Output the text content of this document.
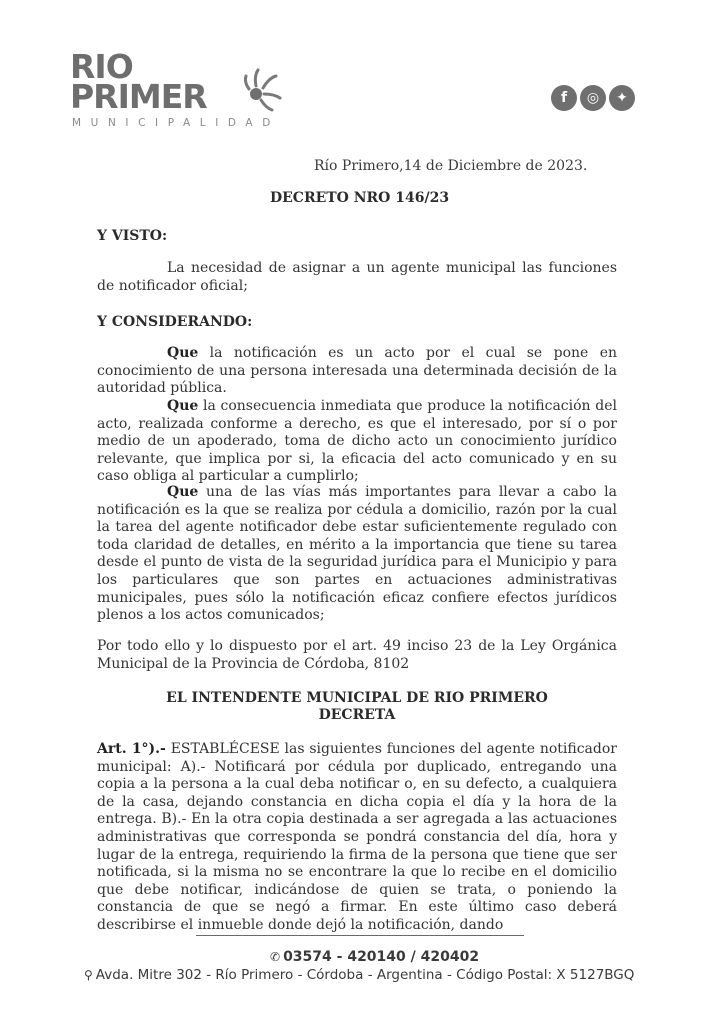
RIO
PRIMER
MUNICIPALIDAD
f	◎	✦
Río Primero,14 de Diciembre de 2023.
DECRETO NRO 146/23
Y VISTO:
La necesidad de asignar a un agente municipal las funciones de notificador oficial;
Y CONSIDERANDO:
Que la notificación es un acto por el cual se pone en conocimiento de una persona interesada una determinada decisión de la autoridad pública.
Que la consecuencia inmediata que produce la notificación del acto, realizada conforme a derecho, es que el interesado, por sí o por medio de un apoderado, toma de dicho acto un conocimiento jurídico relevante, que implica por si, la eficacia del acto comunicado y en su caso obliga al particular a cumplirlo;
Que una de las vías más importantes para llevar a cabo la notificación es la que se realiza por cédula a domicilio, razón por la cual la tarea del agente notificador debe estar suficientemente regulado con toda claridad de detalles, en mérito a la importancia que tiene su tarea desde el punto de vista de la seguridad jurídica para el Municipio y para los particulares que son partes en actuaciones administrativas municipales, pues sólo la notificación eficaz confiere efectos jurídicos plenos a los actos comunicados;
Por todo ello y lo dispuesto por el art. 49 inciso 23 de la Ley Orgánica Municipal de la Provincia de Córdoba, 8102
EL INTENDENTE MUNICIPAL DE RIO PRIMERO
DECRETA
Art. 1°).- ESTABLÉCESE las siguientes funciones del agente notificador municipal: A).- Notificará por cédula por duplicado, entregando una copia a la persona a la cual deba notificar o, en su defecto, a cualquiera de la casa, dejando constancia en dicha copia el día y la hora de la entrega. B).- En la otra copia destinada a ser agregada a las actuaciones administrativas que corresponda se pondrá constancia del día, hora y lugar de la entrega, requiriendo la firma de la persona que tiene que ser notificada, si la misma no se encontrare la que lo recibe en el domicilio que debe notificar, indicándose de quien se trata, o poniendo la constancia de que se negó a firmar. En este último caso deberá describirse el inmueble donde dejó la notificación, dando
✆ 03574 - 420140 / 420402
⚲ Avda. Mitre 302 - Río Primero - Córdoba - Argentina - Código Postal: X 5127BGQ
